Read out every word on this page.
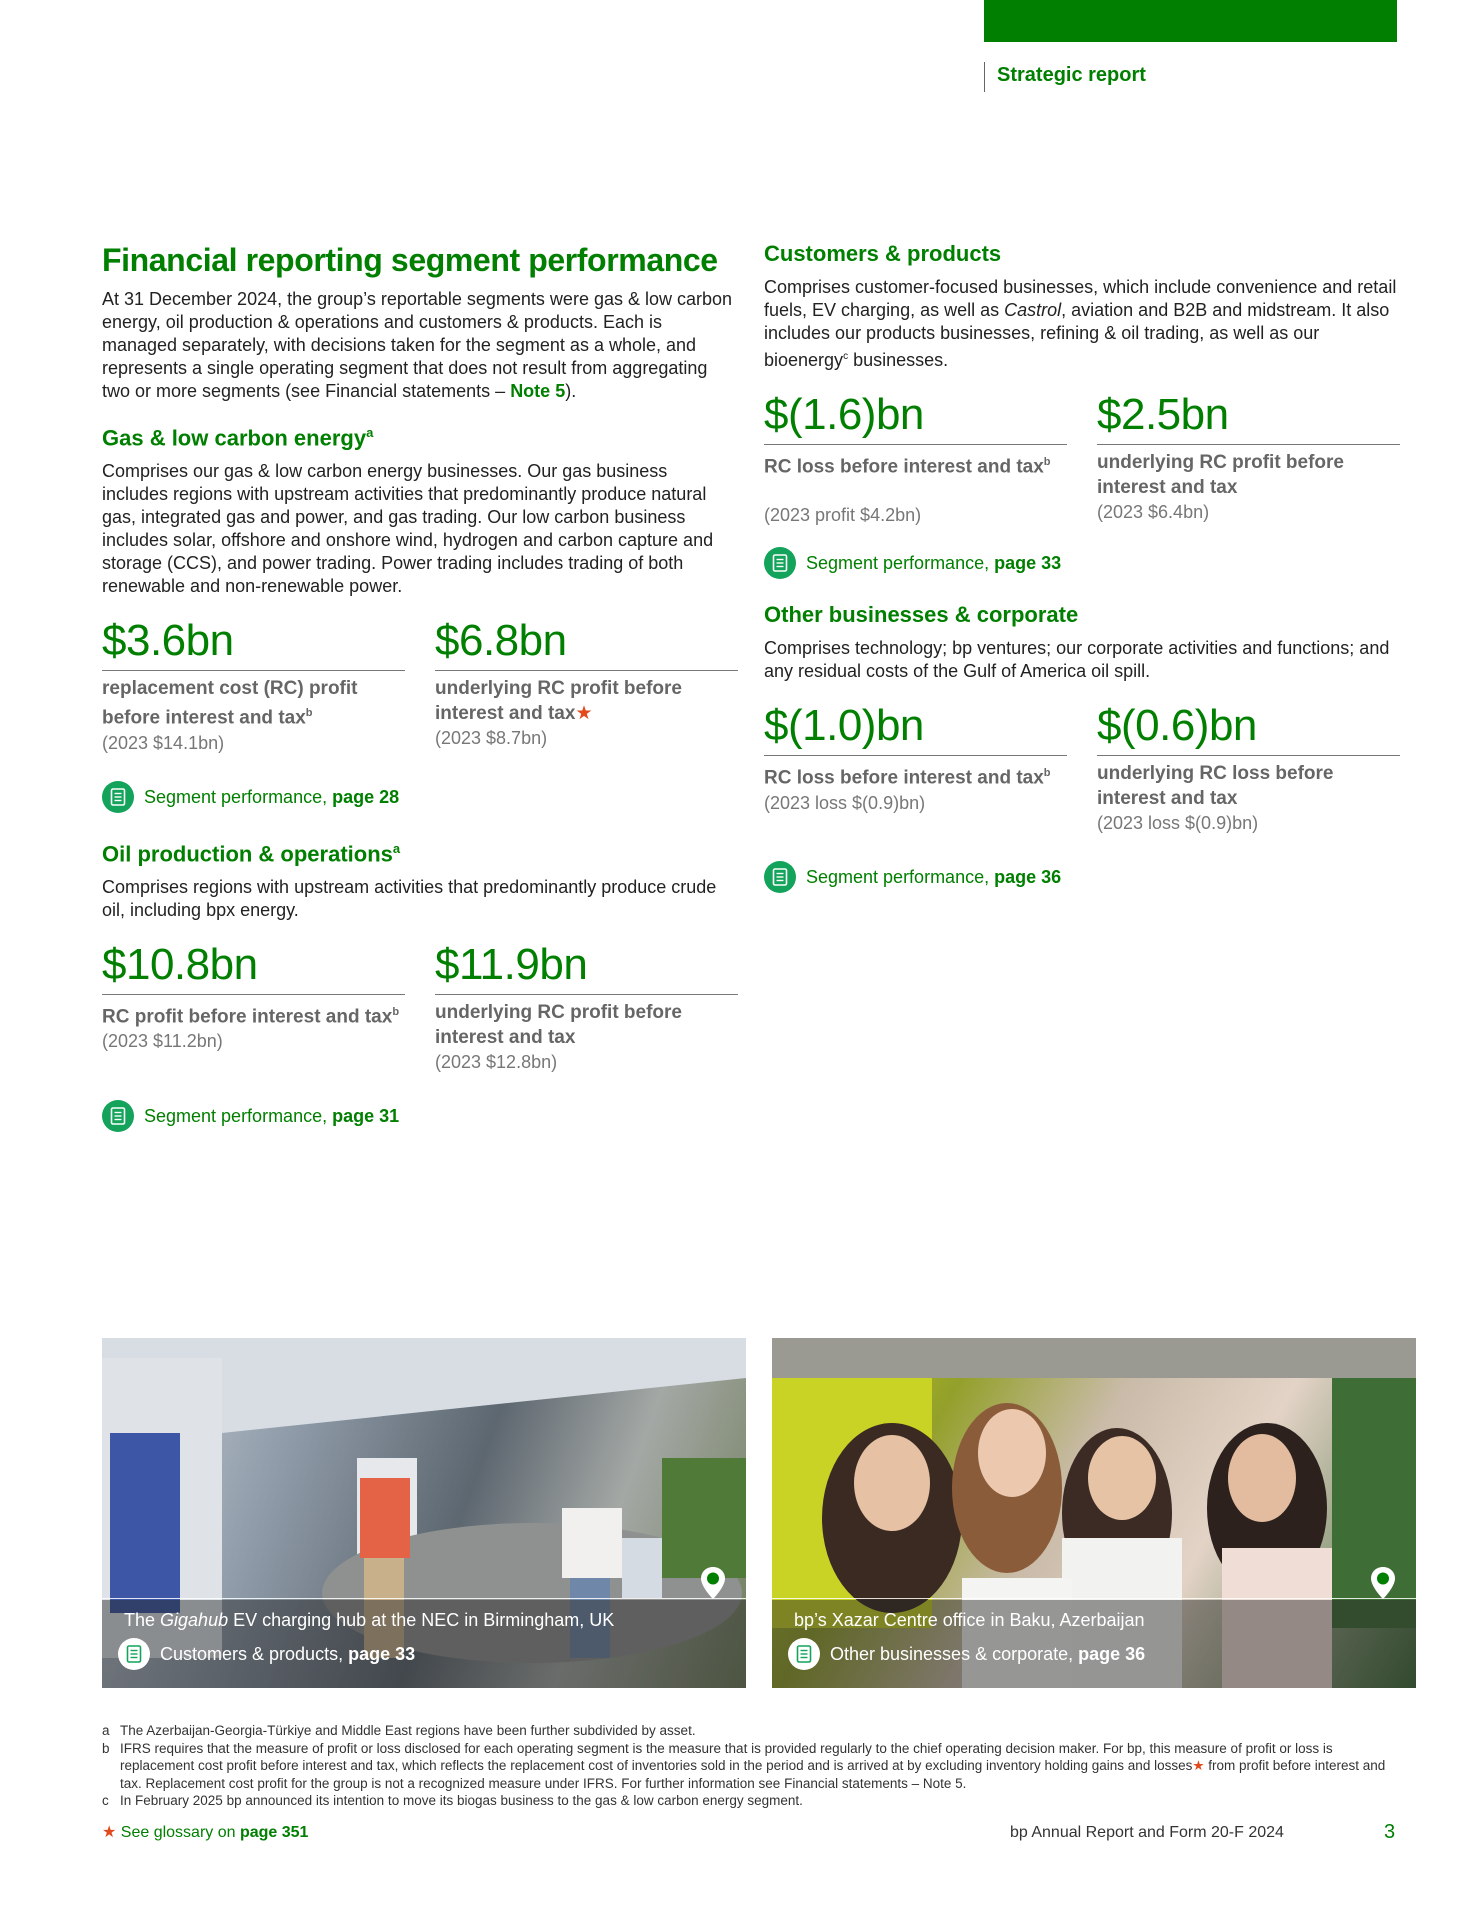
Strategic report
Financial reporting segment performance

At 31 December 2024, the group’s reportable segments were gas & low carbon energy, oil production & operations and customers & products. Each is managed separately, with decisions taken for the segment as a whole, and represents a single operating segment that does not result from aggregating two or more segments (see Financial statements – Note 5).

Gas & low carbon energy$^a$

Comprises our gas & low carbon energy businesses. Our gas business includes regions with upstream activities that predominantly produce natural gas, integrated gas and power, and gas trading. Our low carbon business includes solar, offshore and onshore wind, hydrogen and carbon capture and storage (CCS), and power trading. Power trading includes trading of both renewable and non-renewable power.

$3.6bn
replacement cost (RC) profit before interest and tax$^b$
(2023 $14.1bn)
$6.8bn
underlying RC profit before interest and tax★
(2023 $8.7bn)
Segment performance,
page 28
Oil production & operations$^a$

Comprises regions with upstream activities that predominantly produce crude oil, including bpx energy.

$10.8bn
RC profit before interest and tax$^b$
(2023 $11.2bn)
$11.9bn
underlying RC profit before interest and tax
(2023 $12.8bn)
Segment performance,
page 31
Customers & products

Comprises customer-focused businesses, which include convenience and retail fuels, EV charging, as well as Castrol, aviation and B2B and midstream. It also includes our products businesses, refining & oil trading, as well as our bioenergy$^c$ businesses.

$(1.6)bn
RC loss before interest and tax$^b$
(2023 profit $4.2bn)
$2.5bn
underlying RC profit before interest and tax
(2023 $6.4bn)
Segment performance,
page 33
Other businesses & corporate

Comprises technology; bp ventures; our corporate activities and functions; and any residual costs of the Gulf of America oil spill.

$(1.0)bn
RC loss before interest and tax$^b$
(2023 loss $(0.9)bn)
$(0.6)bn
underlying RC loss before interest and tax
(2023 loss $(0.9)bn)
Segment performance,
page 36
The Gigahub EV charging hub at the NEC in Birmingham, UK
Customers & products,
page 33
bp’s Xazar Centre office in Baku, Azerbaijan
Other businesses & corporate,
page 36
a The Azerbaijan-Georgia-Türkiye and Middle East regions have been further subdivided by asset.
b IFRS requires that the measure of profit or loss disclosed for each operating segment is the measure that is provided regularly to the chief operating decision maker. For bp, this measure of profit or loss is replacement cost profit before interest and tax, which reflects the replacement cost of inventories sold in the period and is arrived at by excluding inventory holding gains and losses★ from profit before interest and tax. Replacement cost profit for the group is not a recognized measure under IFRS. For further information see Financial statements – Note 5.
c In February 2025 bp announced its intention to move its biogas business to the gas & low carbon energy segment.
★ See glossary on page 351	bp Annual Report and Form 20-F 2024	3
